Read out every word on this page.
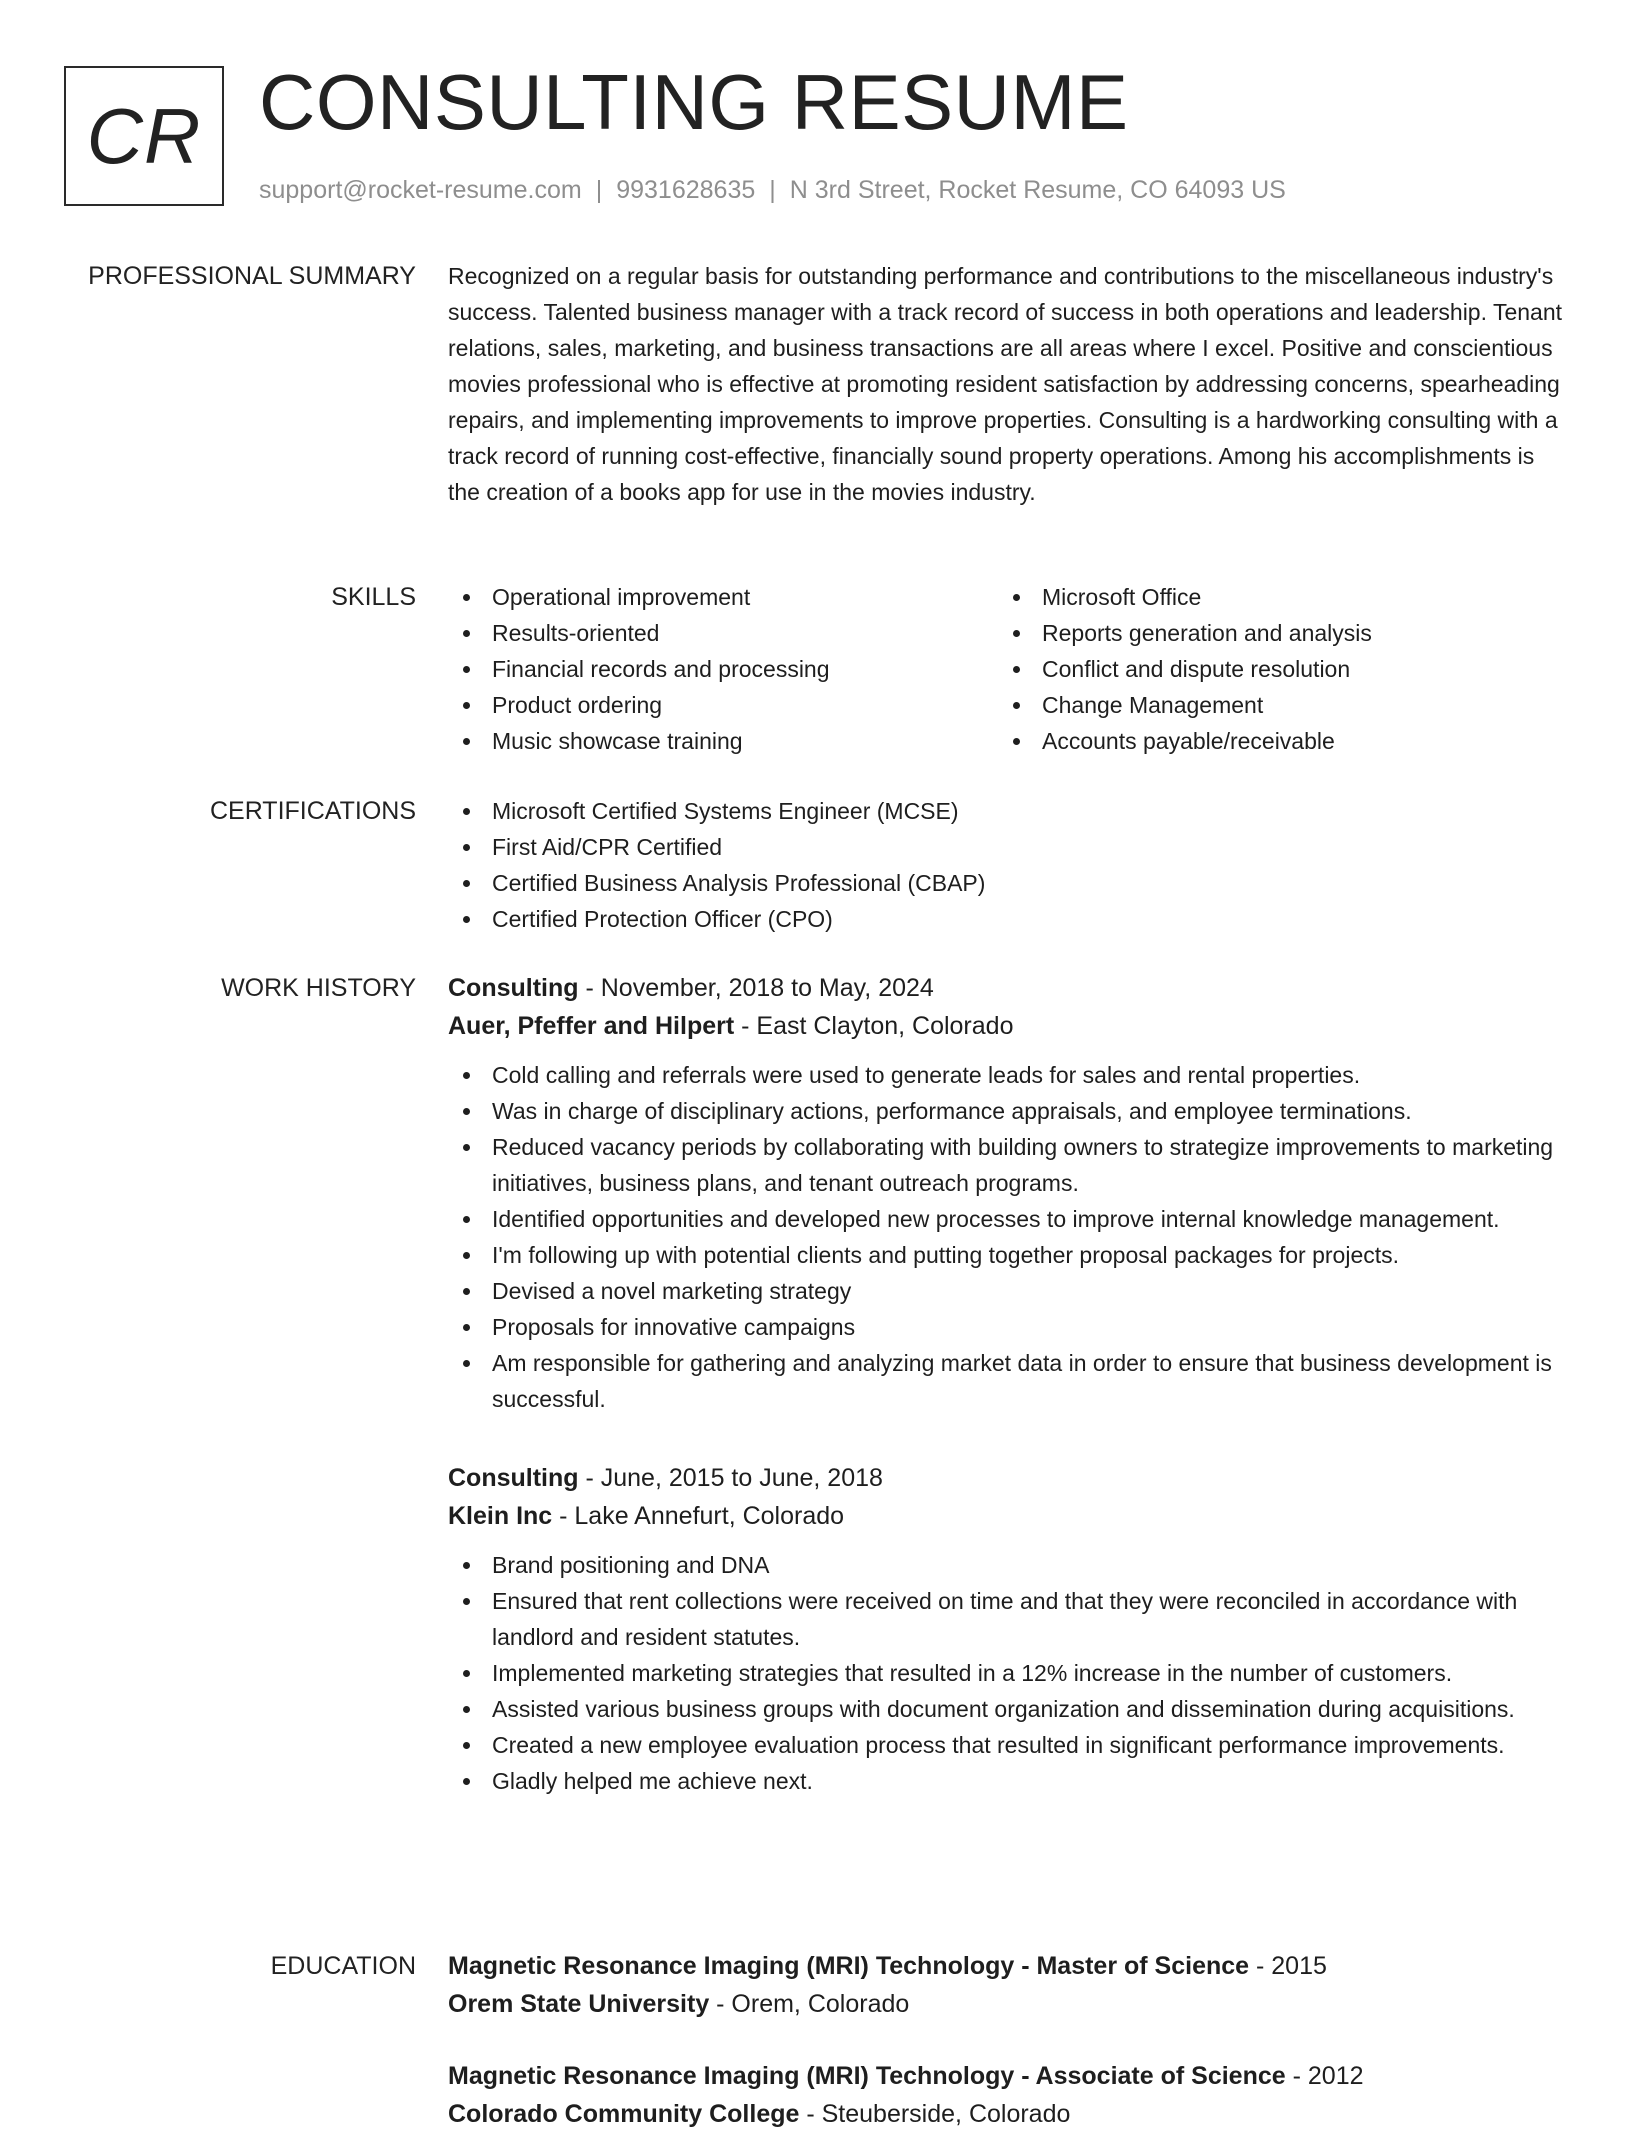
CR CONSULTING RESUME
support@rocket-resume.com | 9931628635 | N 3rd Street, Rocket Resume, CO 64093 US
PROFESSIONAL SUMMARY Recognized on a regular basis for outstanding performance and contributions to the miscellaneous industry's success. Talented business manager with a track record of success in both operations and leadership. Tenant relations, sales, marketing, and business transactions are all areas where I excel. Positive and conscientious movies professional who is effective at promoting resident satisfaction by addressing concerns, spearheading repairs, and implementing improvements to improve properties. Consulting is a hardworking consulting with a track record of running cost-effective, financially sound property operations. Among his accomplishments is the creation of a books app for use in the movies industry.

SKILLS	Operational improvement
Results-oriented
Financial records and processing
Product ordering
Music showcase training
Microsoft Office
Reports generation and analysis
Conflict and dispute resolution
Change Management
Accounts payable/receivable
CERTIFICATIONS	Microsoft Certified Systems Engineer (MCSE)
First Aid/CPR Certified
Certified Business Analysis Professional (CBAP)
Certified Protection Officer (CPO)
WORK HISTORY Consulting - November, 2018 to May, 2024
Auer, Pfeffer and Hilpert - East Clayton, Colorado
Cold calling and referrals were used to generate leads for sales and rental properties.
Was in charge of disciplinary actions, performance appraisals, and employee terminations.
Reduced vacancy periods by collaborating with building owners to strategize improvements to marketing initiatives, business plans, and tenant outreach programs.
Identified opportunities and developed new processes to improve internal knowledge management.
I'm following up with potential clients and putting together proposal packages for projects.
Devised a novel marketing strategy
Proposals for innovative campaigns
Am responsible for gathering and analyzing market data in order to ensure that business development is successful.
Consulting - June, 2015 to June, 2018
Klein Inc - Lake Annefurt, Colorado
Brand positioning and DNA
Ensured that rent collections were received on time and that they were reconciled in accordance with landlord and resident statutes.
Implemented marketing strategies that resulted in a 12% increase in the number of customers.
Assisted various business groups with document organization and dissemination during acquisitions.
Created a new employee evaluation process that resulted in significant performance improvements.
Gladly helped me achieve next.
EDUCATION Magnetic Resonance Imaging (MRI) Technology - Master of Science - 2015
Orem State University - Orem, Colorado
Magnetic Resonance Imaging (MRI) Technology - Associate of Science - 2012
Colorado Community College - Steuberside, Colorado
